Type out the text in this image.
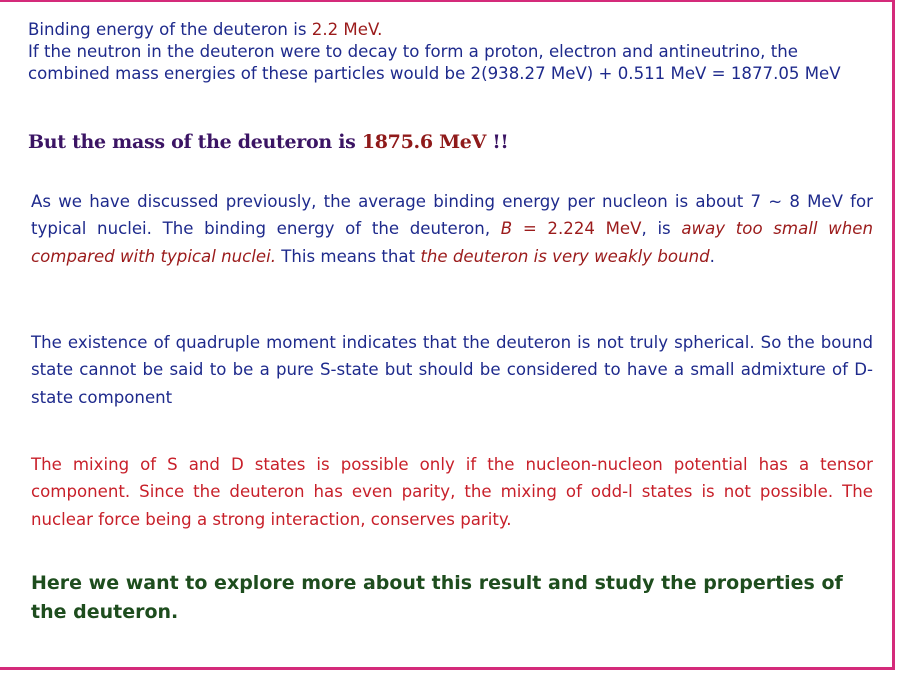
Binding energy of the deuteron is 2.2 MeV.
If the neutron in the deuteron were to decay to form a proton, electron and antineutrino, the combined mass energies of these particles would be 2(938.27 MeV) + 0.511 MeV = 1877.05 MeV
But the mass of the deuteron is 1875.6 MeV !!

As we have discussed previously, the average binding energy per nucleon is about 7 ~ 8 MeV for typical nuclei. The binding energy of the deuteron, B = 2.224 MeV, is away too small when compared with typical nuclei. This means that the deuteron is very weakly bound.

The existence of quadruple moment indicates that the deuteron is not truly spherical. So the bound state cannot be said to be a pure S-state but should be considered to have a small admixture of D-state component

The mixing of S and D states is possible only if the nucleon-nucleon potential has a tensor component. Since the deuteron has even parity, the mixing of odd-l states is not possible. The nuclear force being a strong interaction, conserves parity.

Here we want to explore more about this result and study the properties of the deuteron.
